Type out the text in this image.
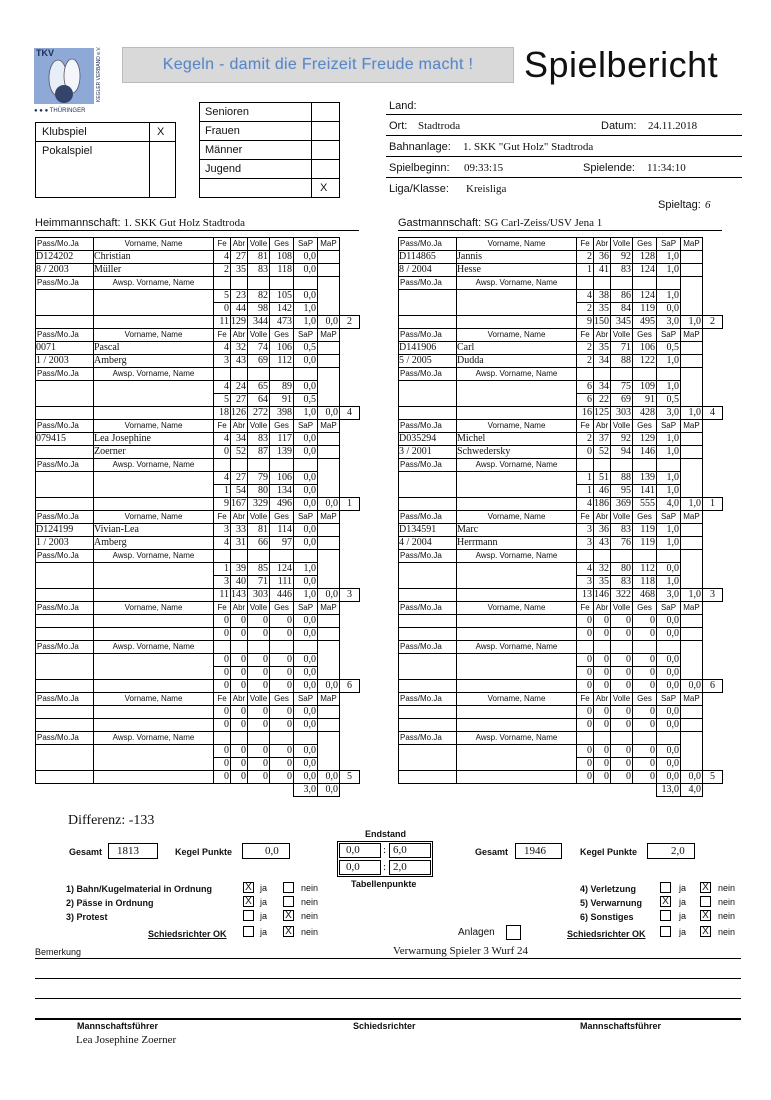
TKV
● ● ● THÜRINGER
KEGLER VERBAND e.V.	Kegeln - damit die Freizeit Freude macht !	Spielbericht
Klubspiel	X
Pokalspiel
Senioren
Frauen
Männer
Jugend
X
Land:
Ort: Stadtroda	Datum: 24.11.2018
Bahnanlage: 1. SKK "Gut Holz" Stadtroda
Spielbeginn: 09:33:15	Spielende: 11:34:10
Liga/Klasse: Kreisliga
Spieltag: 6
Heimmannschaft: 1. SKK Gut Holz Stadtroda	Gastmannschaft: SG Carl-Zeiss/USV Jena 1
Pass/Mo.Ja	Vorname, Name	Fe	Abr	Volle	Ges	SaP	MaP	
D124202	Christian	4	27	81	108	0,0		
8 / 2003	Müller	2	35	83	118	0,0		
Pass/Mo.Ja	Awsp. Vorname, Name							
		5	23	82	105	0,0		
		0	44	98	142	1,0		
		11	129	344	473	1,0	0,0	2
Pass/Mo.Ja	Vorname, Name	Fe	Abr	Volle	Ges	SaP	MaP	
0071	Pascal	4	32	74	106	0,5		
1 / 2003	Amberg	3	43	69	112	0,0		
Pass/Mo.Ja	Awsp. Vorname, Name							
		4	24	65	89	0,0		
		5	27	64	91	0,5		
		18	126	272	398	1,0	0,0	4
Pass/Mo.Ja	Vorname, Name	Fe	Abr	Volle	Ges	SaP	MaP	
079415	Lea Josephine	4	34	83	117	0,0		
	Zoerner	0	52	87	139	0,0		
Pass/Mo.Ja	Awsp. Vorname, Name							
		4	27	79	106	0,0		
		1	54	80	134	0,0		
		9	167	329	496	0,0	0,0	1
Pass/Mo.Ja	Vorname, Name	Fe	Abr	Volle	Ges	SaP	MaP	
D124199	Vivian-Lea	3	33	81	114	0,0		
1 / 2003	Amberg	4	31	66	97	0,0		
Pass/Mo.Ja	Awsp. Vorname, Name							
		1	39	85	124	1,0		
		3	40	71	111	0,0		
		11	143	303	446	1,0	0,0	3
Pass/Mo.Ja	Vorname, Name	Fe	Abr	Volle	Ges	SaP	MaP	
		0	0	0	0	0,0		
		0	0	0	0	0,0		
Pass/Mo.Ja	Awsp. Vorname, Name							
		0	0	0	0	0,0		
		0	0	0	0	0,0		
		0	0	0	0	0,0	0,0	6
Pass/Mo.Ja	Vorname, Name	Fe	Abr	Volle	Ges	SaP	MaP	
		0	0	0	0	0,0		
		0	0	0	0	0,0		
Pass/Mo.Ja	Awsp. Vorname, Name							
		0	0	0	0	0,0		
		0	0	0	0	0,0		
		0	0	0	0	0,0	0,0	5
						3,0	0,0	
Pass/Mo.Ja	Vorname, Name	Fe	Abr	Volle	Ges	SaP	MaP	
D114865	Jannis	2	36	92	128	1,0		
8 / 2004	Hesse	1	41	83	124	1,0		
Pass/Mo.Ja	Awsp. Vorname, Name							
		4	38	86	124	1,0		
		2	35	84	119	0,0		
		9	150	345	495	3,0	1,0	2
Pass/Mo.Ja	Vorname, Name	Fe	Abr	Volle	Ges	SaP	MaP	
D141906	Carl	2	35	71	106	0,5		
5 / 2005	Dudda	2	34	88	122	1,0		
Pass/Mo.Ja	Awsp. Vorname, Name							
		6	34	75	109	1,0		
		6	22	69	91	0,5		
		16	125	303	428	3,0	1,0	4
Pass/Mo.Ja	Vorname, Name	Fe	Abr	Volle	Ges	SaP	MaP	
D035294	Michel	2	37	92	129	1,0		
3 / 2001	Schwedersky	0	52	94	146	1,0		
Pass/Mo.Ja	Awsp. Vorname, Name							
		1	51	88	139	1,0		
		1	46	95	141	1,0		
		4	186	369	555	4,0	1,0	1
Pass/Mo.Ja	Vorname, Name	Fe	Abr	Volle	Ges	SaP	MaP	
D134591	Marc	3	36	83	119	1,0		
4 / 2004	Herrmann	3	43	76	119	1,0		
Pass/Mo.Ja	Awsp. Vorname, Name							
		4	32	80	112	0,0		
		3	35	83	118	1,0		
		13	146	322	468	3,0	1,0	3
Pass/Mo.Ja	Vorname, Name	Fe	Abr	Volle	Ges	SaP	MaP	
		0	0	0	0	0,0		
		0	0	0	0	0,0		
Pass/Mo.Ja	Awsp. Vorname, Name							
		0	0	0	0	0,0		
		0	0	0	0	0,0		
		0	0	0	0	0,0	0,0	6
Pass/Mo.Ja	Vorname, Name	Fe	Abr	Volle	Ges	SaP	MaP	
		0	0	0	0	0,0		
		0	0	0	0	0,0		
Pass/Mo.Ja	Awsp. Vorname, Name							
		0	0	0	0	0,0		
		0	0	0	0	0,0		
		0	0	0	0	0,0	0,0	5
						13,0	4,0	
Differenz: -133
Endstand
0,0 : 6,0
0,0 : 2,0
Tabellenpunkte
Gesamt 1813	Kegel Punkte	0,0	Gesamt 1946	Kegel Punkte	2,0
1) Bahn/Kugelmaterial in Ordnung	X ja	nein
2) Pässe in Ordnung	X ja	nein
3) Protest	ja X nein
Schiedsrichter OK	ja X nein	Anlagen
4) Verletzung	ja X nein
5) Verwarnung X ja	nein
6) Sonstiges	ja X nein
Schiedsrichter OK	ja X nein
Bemerkung	Verwarnung Spieler 3 Wurf 24
Mannschaftsführer	Schiedsrichter	Mannschaftsführer
Lea Josephine Zoerner
